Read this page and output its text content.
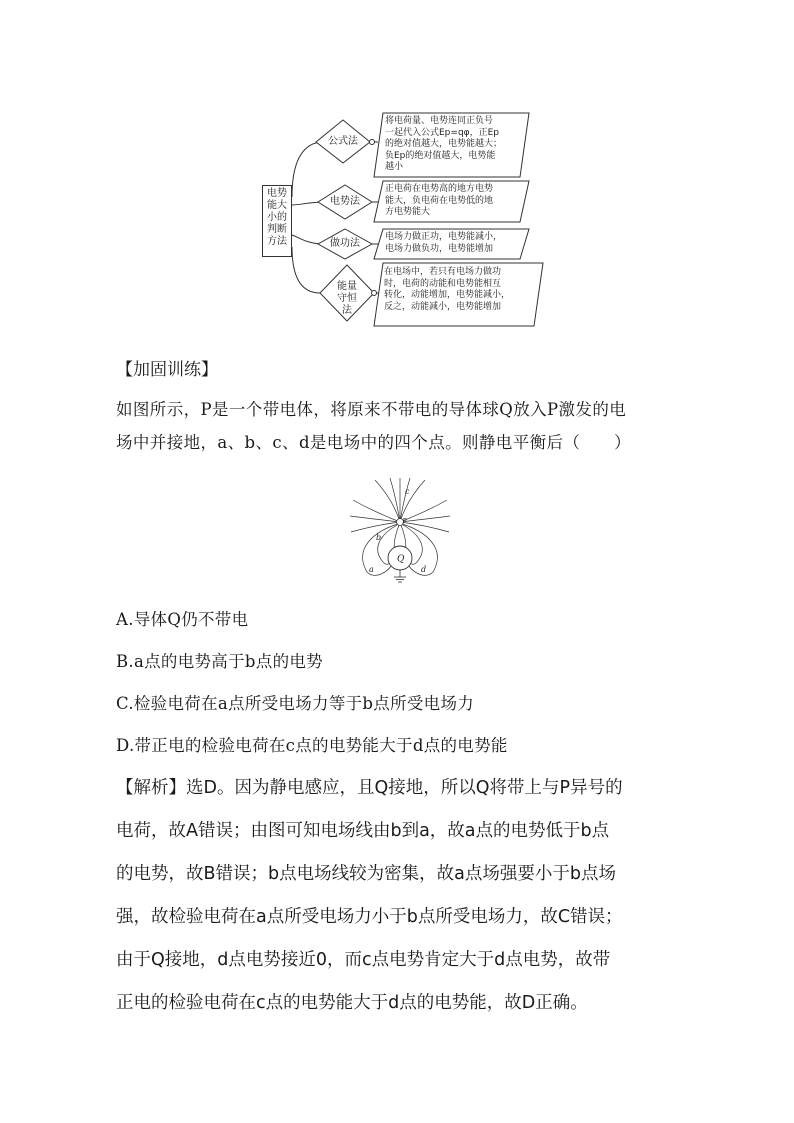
电势能大小的判断方法
公式法
电势法
做功法
能量守恒法
将电荷量、电势连同正负号
一起代入公式Ep=qφ，正Ep
的绝对值越大，电势能越大；
负Ep的绝对值越大，电势能
越小
正电荷在电势高的地方电势
能大，负电荷在电势低的地
方电势能大
电场力做正功，电势能减小，
电场力做负功，电势能增加
在电场中，若只有电场力做功
时，电荷的动能和电势能相互
转化，动能增加，电势能减小，
反之，动能减小，电势能增加
【加固训练】
如图所示，P是一个带电体，将原来不带电的导体球Q放入P激发的电
场中并接地，a、b、c、d是电场中的四个点。则静电平衡后（　　）
P
Q
a
b
c
d
A.导体Q仍不带电
B.a点的电势高于b点的电势
C.检验电荷在a点所受电场力等于b点所受电场力
D.带正电的检验电荷在c点的电势能大于d点的电势能

【解析】选D。因为静电感应，且Q接地，所以Q将带上与P异号的

电荷，故A错误；由图可知电场线由b到a，故a点的电势低于b点

的电势，故B错误；b点电场线较为密集，故a点场强要小于b点场

强，故检验电荷在a点所受电场力小于b点所受电场力，故C错误；

由于Q接地，d点电势接近0，而c点电势肯定大于d点电势，故带

正电的检验电荷在c点的电势能大于d点的电势能，故D正确。
